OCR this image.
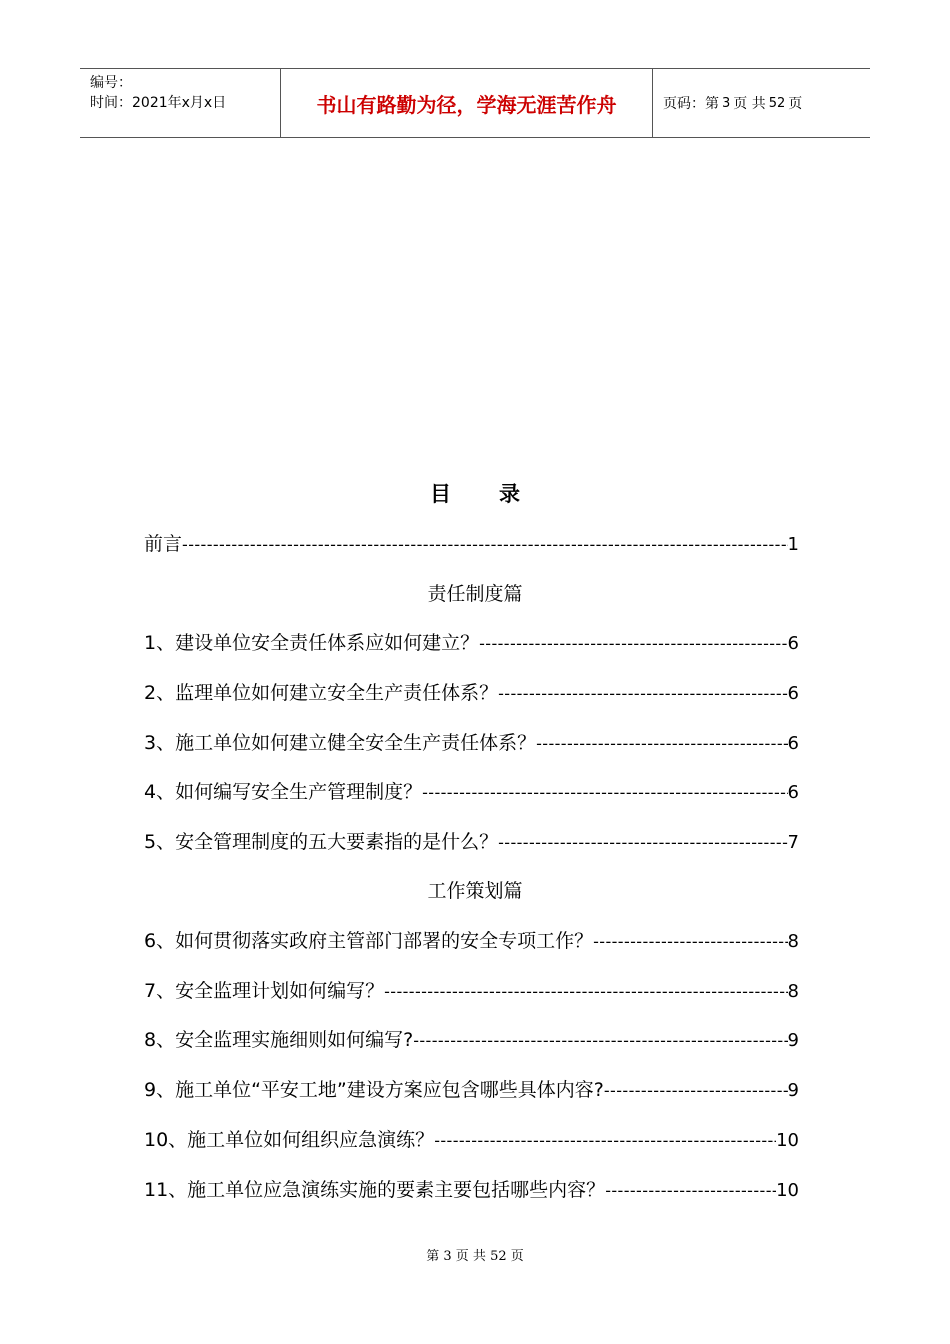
编号：
时间：2021年x月x日	书山有路勤为径，学海无涯苦作舟	页码：第 3 页 共 52 页
目 录
前言 -----	1
责任制度篇
1、建设单位安全责任体系应如何建立？ -----	6
2、监理单位如何建立安全生产责任体系？ -----	6
3、施工单位如何建立健全安全生产责任体系？ -----	6
4、如何编写安全生产管理制度？ -----	6
5、安全管理制度的五大要素指的是什么？ -----	7
工作策划篇
6、如何贯彻落实政府主管部门部署的安全专项工作？ -----	8
7、安全监理计划如何编写？ -----	8
8、安全监理实施细则如何编写? -----	9
9、施工单位“平安工地”建设方案应包含哪些具体内容? -----	9
10、施工单位如何组织应急演练？ -----	10
11、施工单位应急演练实施的要素主要包括哪些内容？ -----	10
第 3 页 共 52 页
